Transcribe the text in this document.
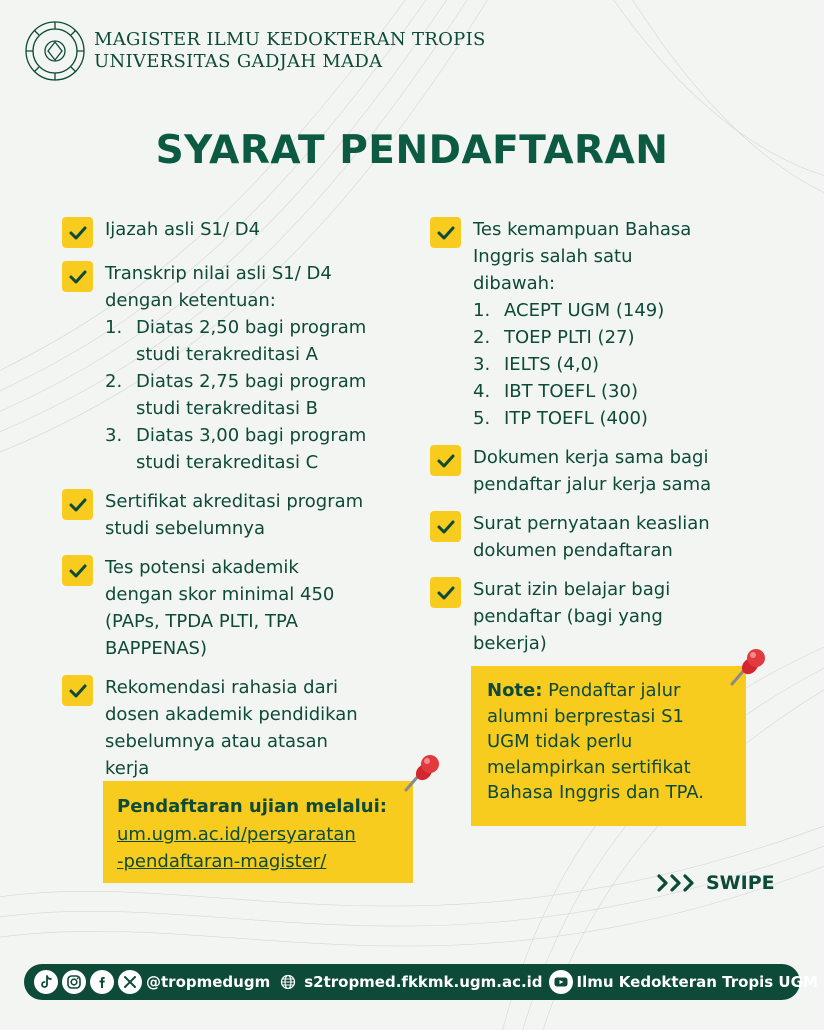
MAGISTER ILMU KEDOKTERAN TROPIS
UNIVERSITAS GADJAH MADA
SYARAT PENDAFTARAN
Ijazah asli S1/ D4
Transkrip nilai asli S1/ D4
dengan ketentuan:
1. Diatas 2,50 bagi program
studi terakreditasi A
2. Diatas 2,75 bagi program
studi terakreditasi B
3. Diatas 3,00 bagi program
studi terakreditasi C
Sertifikat akreditasi program
studi sebelumnya
Tes potensi akademik
dengan skor minimal 450
(PAPs, TPDA PLTI, TPA
BAPPENAS)
Rekomendasi rahasia dari
dosen akademik pendidikan
sebelumnya atau atasan
kerja
Tes kemampuan Bahasa
Inggris salah satu
dibawah:
1. ACEPT UGM (149)
2. TOEP PLTI (27)
3. IELTS (4,0)
4. IBT TOEFL (30)
5. ITP TOEFL (400)
Dokumen kerja sama bagi
pendaftar jalur kerja sama
Surat pernyataan keaslian
dokumen pendaftaran
Surat izin belajar bagi
pendaftar (bagi yang
bekerja)
Pendaftaran ujian melalui:
um.ugm.ac.id/persyaratan
-pendaftaran-magister/
Note: Pendaftar jalur
alumni berprestasi S1
UGM tidak perlu
melampirkan sertifikat
Bahasa Inggris dan TPA.
SWIPE
@tropmedugm s2tropmed.fkkmk.ugm.ac.id Ilmu Kedokteran Tropis UGM
